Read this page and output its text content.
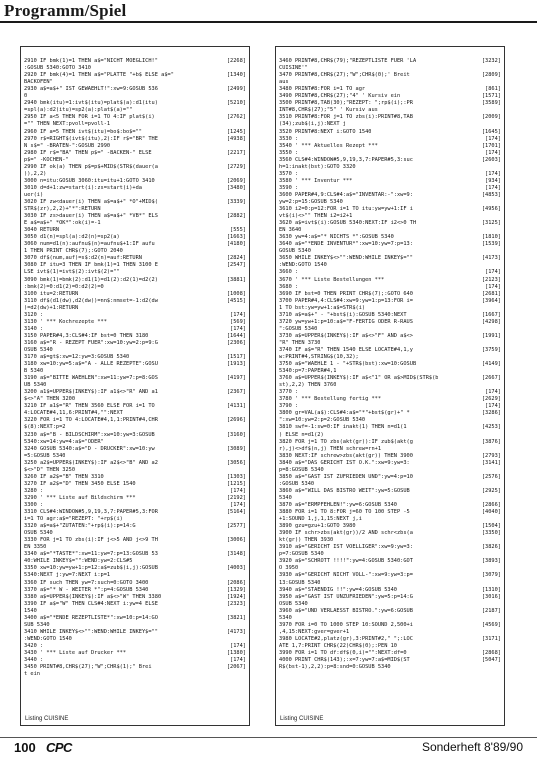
Programm/Spiel
2910 IF bmk(1)=1 THEN a$="NICHT MOEGLICH!"	[2268]
:GOSUB 5340:GOTO 3410
2920 IF bmk(4)=1 THEN a$="PLATTE "+b$ ELSE a$="	[1340]
BACKOFEN"
2930 a$=a$+" IST GEWAEHLT!":xw=9:GOSUB 536	[2499]
0
2940 bmk(itu)=1:ivt$(itu)=plat$(a):d1(itu)	[5210]
=spl(a):d2(itu)=sp2(a):plat$(a)=""
2950 IF a<5 THEN FOR i=1 TO 4:IF plat$(i)	[2762]
="" THEN NEXT:pvoll=pvoll-1
2960 IF a=5 THEN ivt$(itu)=bo$:bo$=""	[1245]
2970 r$=RIGHT$(ivt$(itu),2):IF r$="BR" THE	[4938]
N s$=" -BRATEN-":GOSUB 2990
2980 IF r$="BA" THEN p$=" -BACKEN-" ELSE	[2217]
p$=" -KOCHEN-"
2990 IF ok(a) THEN p$=p$+MID$(STR$(dauer(a	[2729]
)),2,2)
3000 n=itu:GOSUB 3060:itu=itu+1:GOTO 3410	[2069]
3010 d=d+1:zw=start(i):zs=start(i)+da	[3480]
uer(i)
3020 IF zw<dauer(i) THEN a$=a$+" *O"+MID$(	[3339]
STR$(zr),2,2)+"*":RETURN
3030 IF zs>dauer(i) THEN a$=a$+" *VB*" ELS	[2882]
E a$=a$+" *OK*":ok(i)=-1
3040 RETURN	[555]
3050 d1(n)=spl(a):d2(n)=sp2(a)	[1663]
3060 num=d1(n):aufnu$(n)=aufnu$+1:IF aufu	[4180]
1 THEN PRINT CHR$(7);:GOTO 2040
3070 df$(num,auf)=s$:d2(n)=auf:RETURN	[2824]
3080 IF itu=3 THEN IF bmk(1)=1 THEN 3100 E	[2547]
LSE ivt$(1)=ivt$(2):ivt$(2)=""
3090 bmk(1)=bmk(2):d1(1)=d1(2):d2(1)=d2(2)	[3881]
:bmk(2)=0:d1(2)=0:d2(2)=0
3100 itu=2:RETURN	[1008]
3110 df$(d1(dw),d2(dw))=nn$:nmset=-1:d2(dw	[4515]
)=d2(dw)+1:RETURN
3120 :	[174]
3130 ' *** Kochrezepte ***	[569]
3140 :	[174]
3150 PAPER#4,3:CLS#4:IF bst=0 THEN 3180	[1644]
3160 a$="R - REZEPT FUER":xw=10:yw=2:p=9:G	[2306]
OSUB 5340
3170 a$=gt$:xw=12:yw=3:GOSUB 5340	[1517]
3180 xw=10:yw=5:a$="A - ALLE REZEPTE":GOSU	[1913]
B 5340
3190 a$="BITTE WAEHLEN":xw=11:yw=7:p=8:GOS	[4197]
UB 5340
3200 a1$=UPPER$(INKEY$):IF a1$<>"R" AND a1	[2367]
$<>"A" THEN 3200
3210 IF a1$="R" THEN 3560 ELSE FOR i=1 TO	[4131]
4:LOCATE#4,11,6:PRINT#4,"":NEXT
3220 FOR i=1 TO 4:LOCATE#4,1,1:PRINT#4,CHR	[2696]
$(8):NEXT:p=2
3230 a$="B - BILDSCHIRM":xw=10:yw=3:GOSUB	[3160]
5340:xw=14:yw=4:a$="ODER"
3240 GOSUB 5340:a$="D - DRUCKER":xw=10:yw	[3089]
=5:GOSUB 5340
3250 a2$=UPPER$(INKEY$):IF a2$<>"B" AND a2	[3056]
$<>"D" THEN 3250
3260 IF a2$="B" THEN 3310	[1303]
3270 IF a2$="D" THEN 3450 ELSE 1540	[1215]
3280 :	[174]
3290 ' *** Liste auf Bildschirm ***	[2192]
3300 :	[174]
3310 CLS#4:WINDOW#5,9,19,3,7:PAPER#5,3:FOR	[5164]
i=1 TO agr:a$="REZEPT: "+rp$(i)
3320 a$=a$+"ZUTATEN:"+rp$(i):p=14:G	[2577]
OSUB 5340
3330 FOR j=1 TO zbs(i):IF j<>5 AND j<>9 TH	[3006]
EN 3350
3340 a$="*TASTE*":xw=11:yw=7:p=13:GOSUB 53	[3148]
40:WHILE INKEY$="":WEND:yw=2:CLS#5
3350 xw=10:yw=yw+1:p=12:a$=zub$(i,j):GOSUB	[4003]
5340:NEXT j:yw=7:NEXT i:p=1
3360 IF such THEN yw=7:such=0:GOTO 3400	[2086]
3370 a$="* W - WEITER *":p=4:GOSUB 5340	[1329]
3380 a$=UPPER$(INKEY$):IF a$<>"W" THEN 3380	[1924]
3390 IF a$="W" THEN CLS#4:NEXT i:yw=4 ELSE	[2323]
1540
3400 a$="*ENDE REZEPTLISTE*":xw=10:p=14:GO	[3821]
SUB 5340
3410 WHILE INKEY$<>"":WEND:WHILE INKEY$=""	[4173]
:WEND:GOTO 1540
3420 :	[174]
3430 ' *** Liste auf Drucker ***	[1380]
3440 :	[174]
3450 PRINT#8,CHR$(27);"W";CHR$(1);" Brei	[2067]
t ein
Listing CUISINE
3460 PRINT#8,CHR$(79);"REZEPTLISTE FUER 'LA	[3232]
CUISINE'"
3470 PRINT#8,CHR$(27);"W";CHR$(0);' Breit	[2809]
aus
3480 PRINT#8:FOR i=1 TO agr	[861]
3490 PRINT#8,CHR$(27);"4" ' Kursiv ein	[1571]
3500 PRINT#8,TAB(30);"REZEPT: ";rp$(i);:PR	[3589]
INT#8,CHR$(27);"5" ' Kursiv aus
3510 PRINT#8:FOR j=1 TO zbs(i):PRINT#8,TAB	[2009]
(34);zub$(i,j):NEXT j
3520 PRINT#8:NEXT i:GOTO 1540	[1645]
3530 :	[174]
3540 ' *** Aktuelles Rezept ***	[1701]
3550 :	[174]
3560 CLS#4:WINDOW#5,9,19,3,7:PAPER#5,3:suc	[2603]
h=1:inakt(bst):GOTO 3320
3570 :	[174]
3580 ' *** Inventur ***	[934]
3590 :	[174]
3600 PAPER#4,9:CLS#4:a$="INVENTAR:-":xw=9:	[4853]
yw=2:p=15:GOSUB 5340
3610 i2=0:p=12:FOR i=1 TO itu:yw=yw+1:IF i	[4956]
vt$(i)<>"" THEN i2=i2+1
3620 a$=ivt$(i):GOSUB 5340:NEXT:IF i2<>0 TH	[3125]
EN 3640
3630 yw=4:a$="* NICHTS *":GOSUB 5340	[1810]
3640 a$="*ENDE INVENTUR*":xw=10:yw=7:p=13:	[1539]
GOSUB 5340
3650 WHILE INKEY$<>"":WEND:WHILE INKEY$=""	[4173]
:WEND:GOTO 1540
3660 :	[174]
3670 ' *** Liste Bestellungen ***	[2123]
3680 :	[174]
3690 IF bst=0 THEN PRINT CHR$(7);:GOTO 640	[2681]
3700 PAPER#4,4:CLS#4:xw=9:yw=1:p=13:FOR i=	[3964]
1 TO bst:yw=yw+1:a$=STR$(i)
3710 a$=a$+" - "+bst$(i):GOSUB 5340:NEXT	[1667]
3720 yw=yw+1:p=10:a$="F-FERTIG ODER R-RAUS	[4298]
":GOSUB 5340
3730 a$=UPPER$(INKEY$):IF a$<>"F" AND a$<>	[1991]
"R" THEN 3730
3740 IF a$="R" THEN 1540 ELSE LOCATE#4,1,y	[3759]
w:PRINT#4,STRING$(10,32);
3750 a$="WAEHLE 1 - "+STR$(bst):xw=10:GOSUB	[4149]
5340:p=7:PAPER#4,1
3760 a$=UPPER$(INKEY$):IF a$<"1" OR a$>MID$(STR$(b	[2667]
st),2,2) THEN 3760
3770 :	[174]
3780 ' *** Bestellung fertig ***	[2629]
3790 :	[174]
3800 gr=VAL(a$):CLS#4:a$="*"+bst$(gr)+" *	[3286]
":xw=10:yw=2:p=2:GOSUB 5340
3810 swf=-1:sw=0:IF inakt(1) THEN n=d1(1	[4253]
) ELSE n=d1(2)
3820 FOR j=1 TO zbs(akt(gr)):IF zub$(akt(g	[3876]
r),j)<>df$(n,j) THEN schrew=rn+1
3830 NEXT:IF schrew>zbs(akt(gr)) THEN 3900	[2793]
3840 a$="DAS GERICHT IST O.K.":xw=9:yw=3:	[3141]
p=8:GOSUB 5340
3850 a$="GAST IST ZUFRIEDEN UND":yw=4:p=10	[2576]
:GOSUB 5340
3860 a$="WILL DAS BISTRO WEIT":yw=5:GOSUB	[2925]
5340
3870 a$="ERMPFEHLEN!":yw=6:GOSUB 5340	[2866]
3880 FOR i=1 TO 8:FOR j=60 TO 100 STEP -5	[4040]
+1:SOUND 1,j,1,15:NEXT j,i
3890 gzu=gzu+1:GOTO 3980	[1504]
3900 IF schr>zbs(akt(gr))/2 AND schr<zbs(a	[3350]
kt(gr)) THEN 3930
3910 a$="GERICHT IST VOELLIGER":xw=9:yw=3:	[3826]
p=7:GOSUB 5340
3920 a$="SCHROTT !!!!":yw=4:GOSUB 5340:GOT	[3893]
O 3950
3930 a$="GERICHT NICHT VOLL-":xw=9:yw=3:p=	[3079]
13:GOSUB 5340
3940 a$="STAENDIG !!":yw=4:GOSUB 5340	[1310]
3950 a$="GAST IST UNZUFRIEDEN":yw=5:p=14:G	[3016]
OSUB 5340
3960 a$="UND VERLAESST BISTRO.":yw=6:GOSUB	[2187]
5340
3970 FOR i=0 TO 1000 STEP 10:SOUND 2,500+i	[4569]
,4,15:NEXT:gver=gver+1
3980 LOCATE#2,platz(gr),3:PRINT#2," ";:LOC	[3171]
ATE 1,7:PRINT CHR$(22)CHR$(0);:PEN 10
3990 FOR i=1 TO df:df$(0,i)="":NEXT:df=0	[2868]
4000 PRINT CHR$(143);:x=7:yw=7:a$=MID$(ST	[5047]
R$(bst-1),2,2):p=8:snd=0:GOSUB 5340
Listing CUISINE
100 CPC	Sonderheft 8'89/90
